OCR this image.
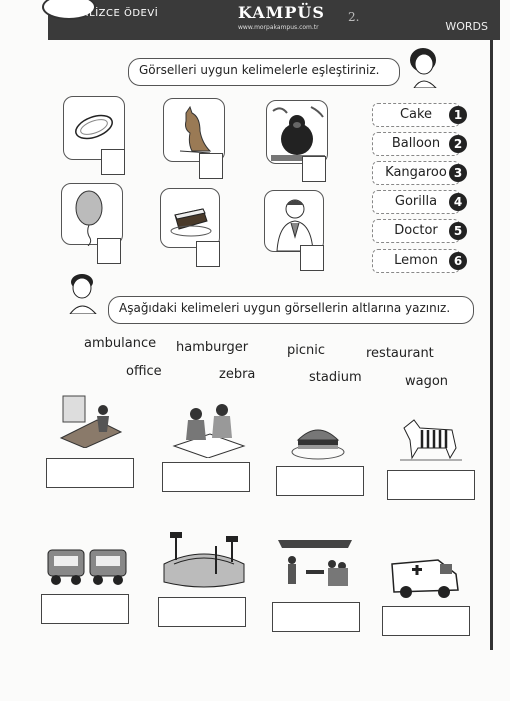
İNGİLİZCE ÖDEVİ	KAMPÜS
www.morpakampus.com.tr
2.
WORDS
Görselleri uygun kelimelerle eşleştiriniz.
Cake	1
Balloon	2
Kangaroo 3
Gorilla	4
Doctor	5
Lemon	6
Aşağıdaki kelimeleri uygun görsellerin altlarına yazınız.
ambulance hamburger	picnic	restaurant
office	zebra	stadium	wagon
